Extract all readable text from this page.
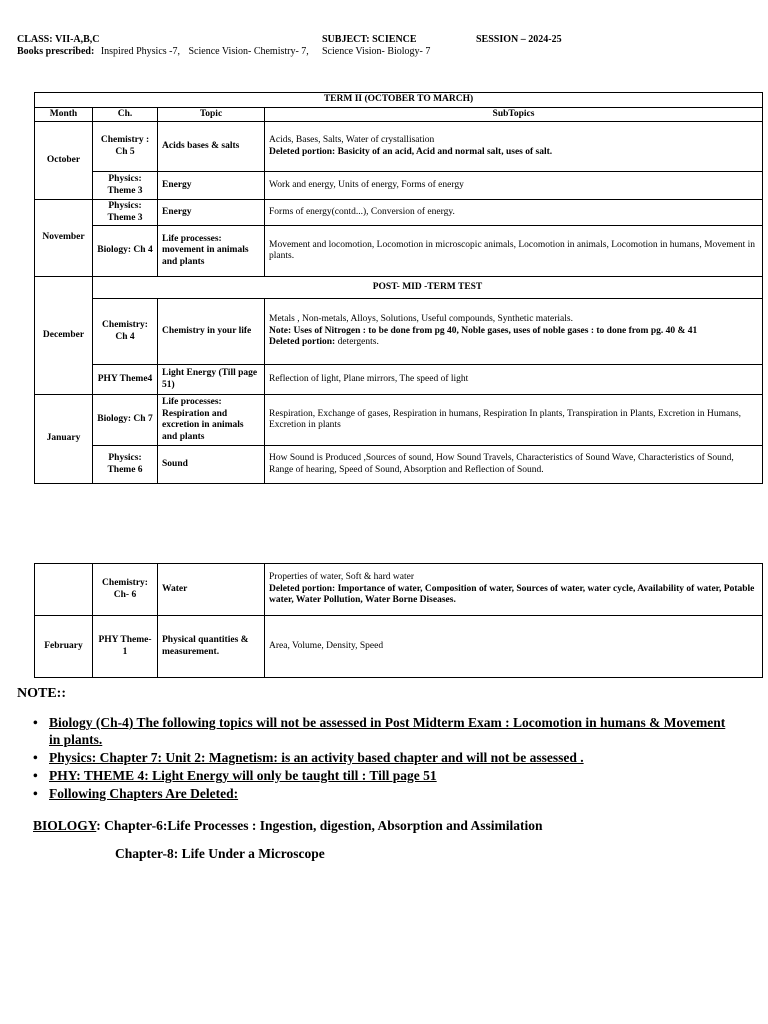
CLASS: VII-A,B,C	SUBJECT: SCIENCE	SESSION – 2024-25
Books prescribed: Inspired Physics -7, Science Vision- Chemistry- 7, Science Vision- Biology- 7
TERM II (OCTOBER TO MARCH)			
Month	Ch.	Topic	SubTopics
October	Chemistry : Ch 5	Acids bases & salts	Acids, Bases, Salts, Water of crystallisation
Deleted portion: Basicity of an acid, Acid and normal salt, uses of salt.

	Physics: Theme 3	Energy	Work and energy, Units of energy, Forms of energy
November	Physics: Theme 3	Energy	Forms of energy(contd...), Conversion of energy.
	Biology: Ch 4	Life processes: movement in animals and plants	Movement and locomotion, Locomotion in microscopic animals, Locomotion in animals, Locomotion in humans, Movement in plants.
December	POST- MID -TERM TEST		
	Chemistry: Ch 4	Chemistry in your life	Metals , Non-metals, Alloys, Solutions, Useful compounds, Synthetic materials.
Note: Uses of Nitrogen : to be done from pg 40, Noble gases, uses of noble gases : to done from pg. 40 & 41
Deleted portion: detergents.

	PHY Theme4	Light Energy (Till page 51)	Reflection of light, Plane mirrors, The speed of light
January	Biology: Ch 7	Life processes: Respiration and excretion in animals and plants	Respiration, Exchange of gases, Respiration in humans, Respiration In plants, Transpiration in Plants, Excretion in Humans, Excretion in plants
	Physics: Theme 6	Sound	How Sound is Produced ,Sources of sound, How Sound Travels, Characteristics of Sound Wave, Characteristics of Sound, Range of hearing, Speed of Sound, Absorption and Reflection of Sound.
	Chemistry: Ch- 6	Water	Properties of water, Soft & hard water
Deleted portion: Importance of water, Composition of water, Sources of water, water cycle, Availability of water, Potable water, Water Pollution, Water Borne Diseases.

February	PHY Theme-1	Physical quantities & measurement.	Area, Volume, Density, Speed
NOTE::
• Biology (Ch-4) The following topics will not be assessed in Post Midterm Exam : Locomotion in humans & Movement in plants.
• Physics: Chapter 7: Unit 2: Magnetism: is an activity based chapter and will not be assessed .
• PHY: THEME 4: Light Energy will only be taught till : Till page 51
• Following Chapters Are Deleted:
BIOLOGY: Chapter-6:Life Processes : Ingestion, digestion, Absorption and Assimilation
Chapter-8: Life Under a Microscope
